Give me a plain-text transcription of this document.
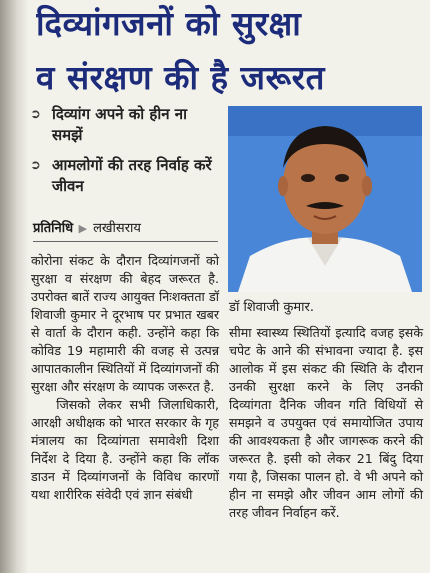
दिव्यांगजनों को सुरक्षा
व संरक्षण की है जरूरत
➲ दिव्यांग अपने को हीन ना समझें
➲ आमलोगों की तरह निर्वाह करें जीवन
प्रतिनिधि ▶ लखीसराय
डॉ शिवाजी कुमार.

कोरोना संकट के दौरान दिव्यांगजनों को सुरक्षा व संरक्षण की बेहद जरूरत है. उपरोक्त बातें राज्य आयुक्त निःशक्तता डॉ शिवाजी कुमार ने दूरभाष पर प्रभात खबर से वार्ता के दौरान कही. उन्होंने कहा कि कोविड 19 महामारी की वजह से उत्पन्न आपातकालीन स्थितियों में दिव्यांगजनों की सुरक्षा और संरक्षण के व्यापक जरूरत है.

जिसको लेकर सभी जिलाधिकारी, आरक्षी अधीक्षक को भारत सरकार के गृह मंत्रालय का दिव्यांगता समावेशी दिशा निर्देश दे दिया है. उन्होंने कहा कि लॉक डाउन में दिव्यांगजनों के विविध कारणों यथा शारीरिक संवेदी एवं ज्ञान संबंधी

सीमा स्वास्थ्य स्थितियों इत्यादि वजह इसके चपेट के आने की संभावना ज्यादा है. इस आलोक में इस संकट की स्थिति के दौरान उनकी सुरक्षा करने के लिए उनकी दिव्यांगता दैनिक जीवन गति विधियों से समझने व उपयुक्त एवं समायोजित उपाय की आवश्यकता है और जागरूक करने की जरूरत है. इसी को लेकर 21 बिंदु दिया गया है, जिसका पालन हो. वे भी अपने को हीन ना समझे और जीवन आम लोगों की तरह जीवन निर्वाहन करें.
